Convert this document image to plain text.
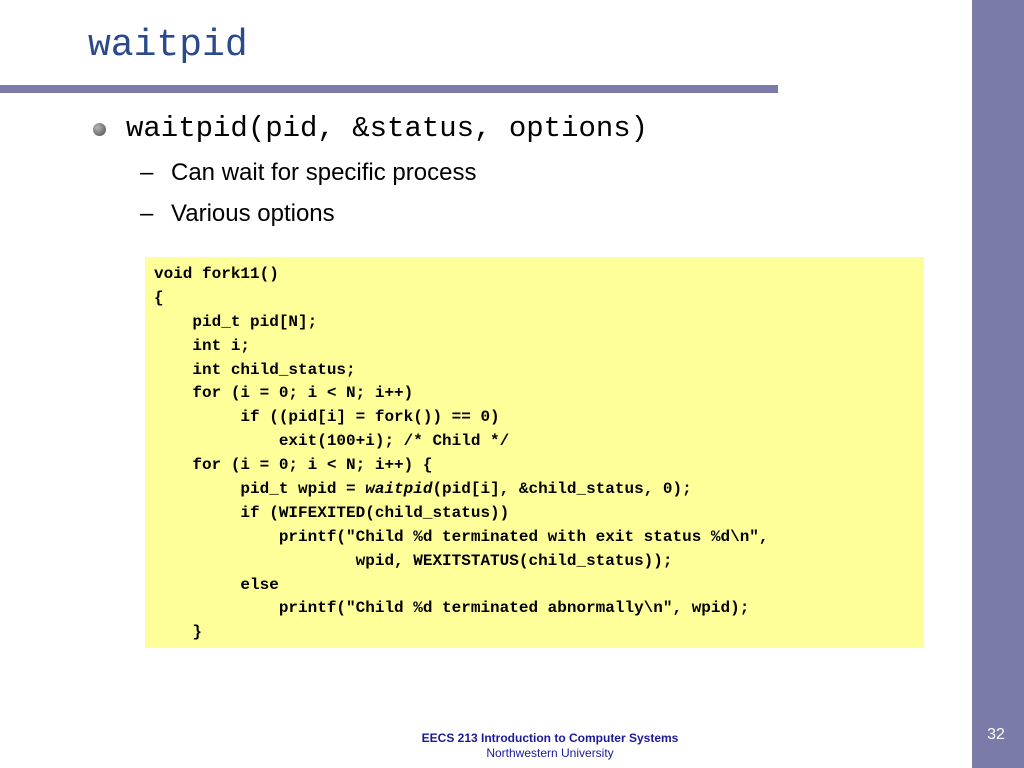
waitpid
waitpid(pid, &status, options)
– Can wait for specific process
– Various options
void fork11()
{
pid_t pid[N];
int i;
int child_status;
for (i = 0; i < N; i++)
if ((pid[i] = fork()) == 0)
exit(100+i); /* Child */
for (i = 0; i < N; i++) {
pid_t wpid = waitpid(pid[i], &child_status, 0);
if (WIFEXITED(child_status))
printf("Child %d terminated with exit status %d\n",
wpid, WEXITSTATUS(child_status));
else
printf("Child %d terminated abnormally\n", wpid);
}
EECS 213 Introduction to Computer Systems
Northwestern University
32
